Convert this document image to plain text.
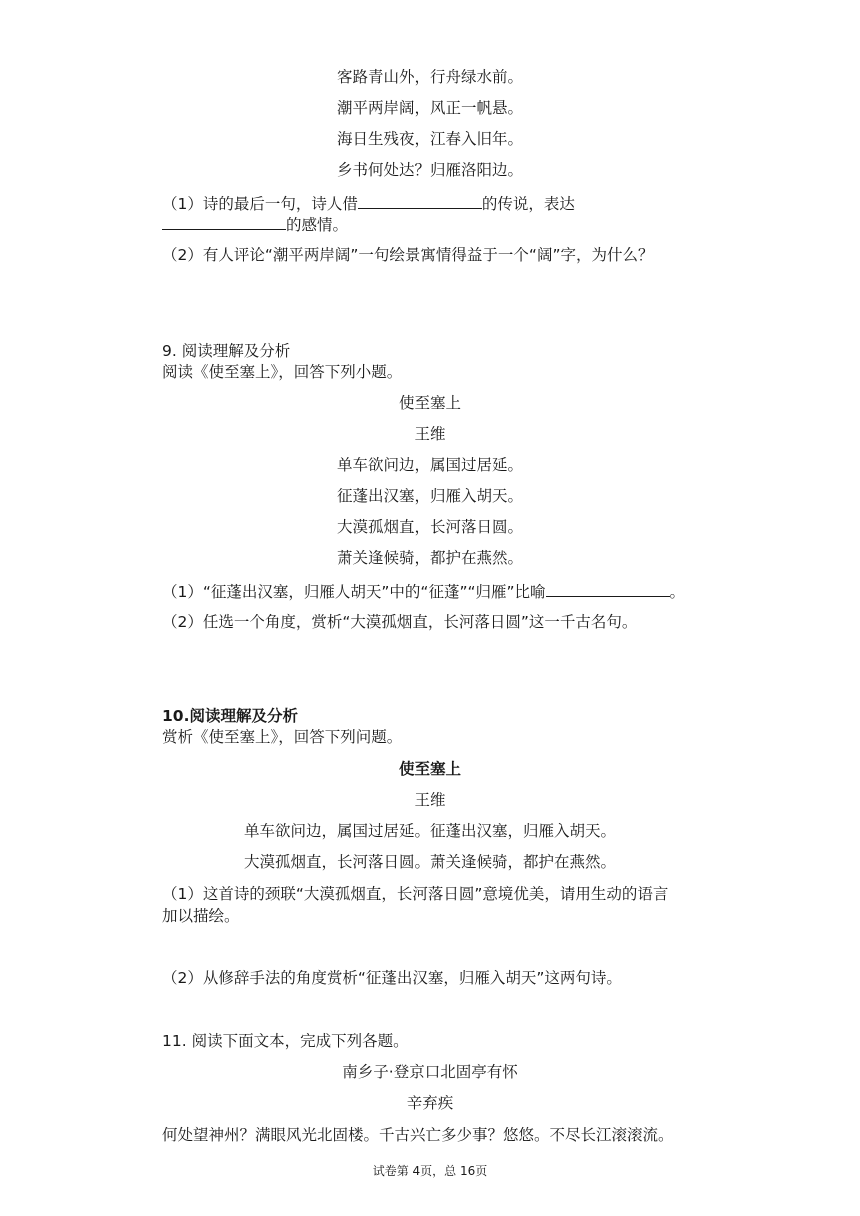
客路青山外，行舟绿水前。
潮平两岸阔，风正一帆悬。
海日生残夜，江春入旧年。
乡书何处达？归雁洛阳边。
（1）诗的最后一句，诗人借	的传说，表达
的感情。
（2）有人评论“潮平两岸阔”一句绘景寓情得益于一个“阔”字，为什么？
9. 阅读理解及分析
阅读《使至塞上》，回答下列小题。
使至塞上
王维
单车欲问边，属国过居延。
征蓬出汉塞，归雁入胡天。
大漠孤烟直，长河落日圆。
萧关逢候骑，都护在燕然。
（1）“征蓬出汉塞，归雁人胡天”中的“征蓬”“归雁”比喻	。
（2）任选一个角度，赏析“大漠孤烟直，长河落日圆”这一千古名句。
10.阅读理解及分析
赏析《使至塞上》，回答下列问题。
使至塞上
王维
单车欲问边，属国过居延。征蓬出汉塞，归雁入胡天。
大漠孤烟直，长河落日圆。萧关逢候骑，都护在燕然。
（1）这首诗的颈联“大漠孤烟直，长河落日圆”意境优美，请用生动的语言
加以描绘。
（2）从修辞手法的角度赏析“征蓬出汉塞，归雁入胡天”这两句诗。
11. 阅读下面文本，完成下列各题。
南乡子·登京口北固亭有怀
辛弃疾
何处望神州？满眼风光北固楼。千古兴亡多少事？悠悠。不尽长江滚滚流。
试卷第 4页，总 16页
